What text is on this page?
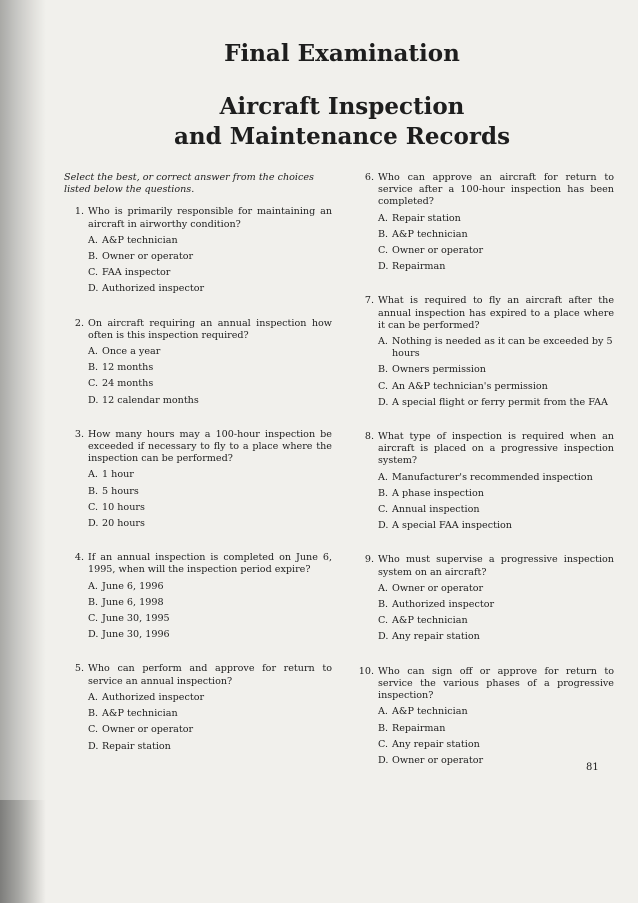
Final Examination
Aircraft Inspection
and Maintenance Records
Select the best, or correct answer from the choices listed below the questions.
1. Who is primarily responsible for maintaining an aircraft in airworthy condition?
A. A&P technician
B. Owner or operator
C. FAA inspector
D. Authorized inspector
2. On aircraft requiring an annual inspection how often is this inspection required?
A. Once a year
B. 12 months
C. 24 months
D. 12 calendar months
3. How many hours may a 100-hour inspection be exceeded if necessary to fly to a place where the inspection can be performed?
A. 1 hour
B. 5 hours
C. 10 hours
D. 20 hours
4. If an annual inspection is completed on June 6, 1995, when will the inspection period expire?
A. June 6, 1996
B. June 6, 1998
C. June 30, 1995
D. June 30, 1996
5. Who can perform and approve for return to service an annual inspection?
A. Authorized inspector
B. A&P technician
C. Owner or operator
D. Repair station
6. Who can approve an aircraft for return to service after a 100-hour inspection has been completed?
A. Repair station
B. A&P technician
C. Owner or operator
D. Repairman
7. What is required to fly an aircraft after the annual inspection has expired to a place where it can be performed?
A. Nothing is needed as it can be exceeded by 5 hours
B. Owners permission
C. An A&P technician's permission
D. A special flight or ferry permit from the FAA
8. What type of inspection is required when an aircraft is placed on a progressive inspection system?
A. Manufacturer's recommended inspection
B. A phase inspection
C. Annual inspection
D. A special FAA inspection
9. Who must supervise a progressive inspection system on an aircraft?
A. Owner or operator
B. Authorized inspector
C. A&P technician
D. Any repair station
10. Who can sign off or approve for return to service the various phases of a progressive inspection?
A. A&P technician
B. Repairman
C. Any repair station
D. Owner or operator
81
